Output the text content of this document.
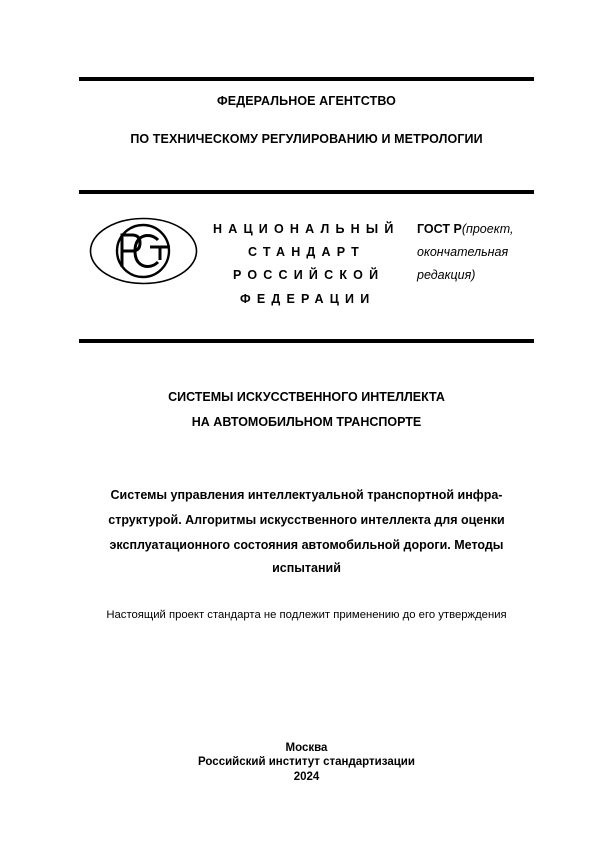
ФЕДЕРАЛЬНОЕ АГЕНТСТВО
ПО ТЕХНИЧЕСКОМУ РЕГУЛИРОВАНИЮ И МЕТРОЛОГИИ
НАЦИОНАЛЬНЫЙ
СТАНДАРТ
РОССИЙСКОЙ
ФЕДЕРАЦИИ
ГОСТ Р(проект,
окончательная
редакция)
СИСТЕМЫ ИСКУССТВЕННОГО ИНТЕЛЛЕКТА
НА АВТОМОБИЛЬНОМ ТРАНСПОРТЕ
Системы управления интеллектуальной транспортной инфра-
структурой. Алгоритмы искусственного интеллекта для оценки
эксплуатационного состояния автомобильной дороги. Методы
испытаний
Настоящий проект стандарта не подлежит применению до его утверждения
Москва
Российский институт стандартизации
2024
